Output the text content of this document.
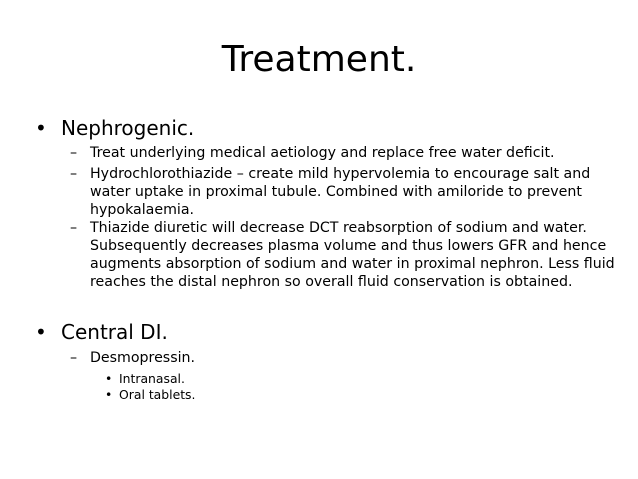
Treatment.
• Nephrogenic.
– Treat underlying medical aetiology and replace free water deficit.
– Hydrochlorothiazide – create mild hypervolemia to encourage salt and water uptake in proximal tubule. Combined with amiloride to prevent hypokalaemia.
– Thiazide diuretic will decrease DCT reabsorption of sodium and water. Subsequently decreases plasma volume and thus lowers GFR and hence augments absorption of sodium and water in proximal nephron. Less fluid reaches the distal nephron so overall fluid conservation is obtained.
• Central DI.
– Desmopressin.
• Intranasal.
• Oral tablets.
